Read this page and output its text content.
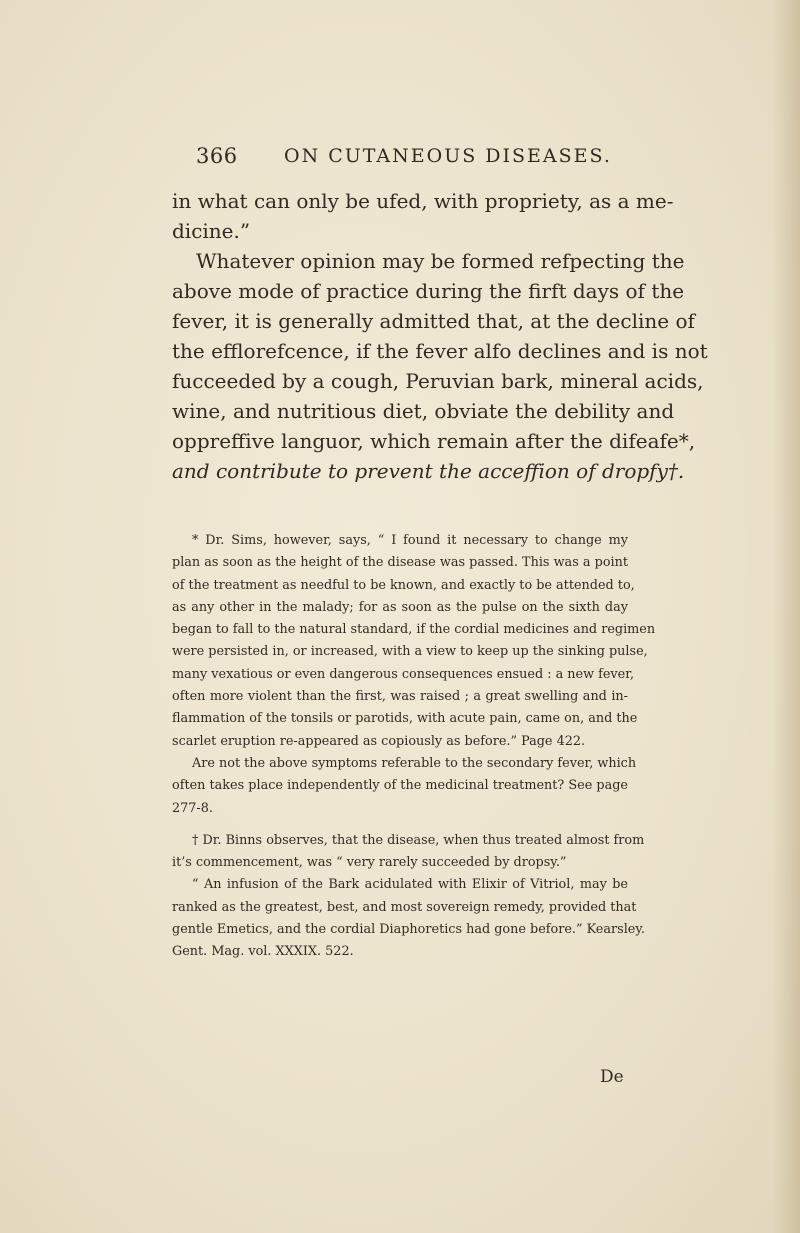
366 ON CUTANEOUS DISEASES.
in what can only be ufed, with propriety, as a me-
dicine.”
Whatever opinion may be formed refpecting the
above mode of practice during the firft days of the
fever, it is generally admitted that, at the decline of
the efflorefcence, if the fever alfo declines and is not
fucceeded by a cough, Peruvian bark, mineral acids,
wine, and nutritious diet, obviate the debility and
oppreffive languor, which remain after the difeafe*,
and contribute to prevent the acceffion of dropfy†.
* Dr. Sims, however, says, “ I found it necessary to change my
plan as soon as the height of the disease was passed. This was a point
of the treatment as needful to be known, and exactly to be attended to,
as any other in the malady; for as soon as the pulse on the sixth day
began to fall to the natural standard, if the cordial medicines and regimen
were persisted in, or increased, with a view to keep up the sinking pulse,
many vexatious or even dangerous consequences ensued : a new fever,
often more violent than the first, was raised ; a great swelling and in-
flammation of the tonsils or parotids, with acute pain, came on, and the
scarlet eruption re-appeared as copiously as before.” Page 422.
Are not the above symptoms referable to the secondary fever, which
often takes place independently of the medicinal treatment? See page
277-8.
† Dr. Binns observes, that the disease, when thus treated almost from
it’s commencement, was “ very rarely succeeded by dropsy.”
“ An infusion of the Bark acidulated with Elixir of Vitriol, may be
ranked as the greatest, best, and most sovereign remedy, provided that
gentle Emetics, and the cordial Diaphoretics had gone before.” Kearsley.
Gent. Mag. vol. XXXIX. 522.
De
